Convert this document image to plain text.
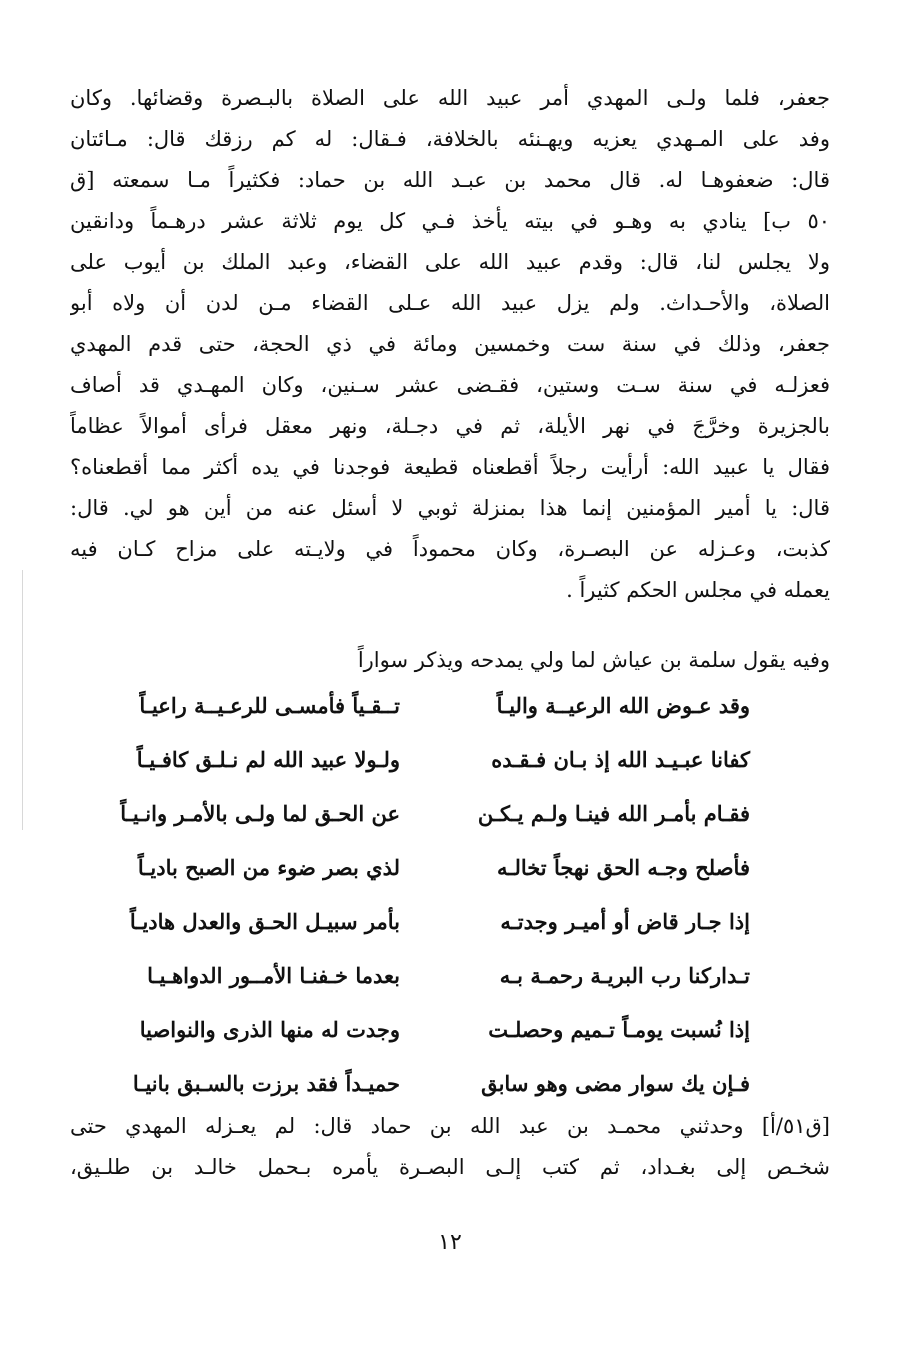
جعفر، فلما ولـى المهدي أمر عبيد الله على الصلاة بالبـصرة وقضائها. وكان
وفد على المـهدي يعزيه ويهـنئه بالخلافة، فـقال: له كم رزقك قال: مـائتان
قال: ضعفوهـا له. قال محمد بن عبـد الله بن حماد: فكثيراً مـا سمعته [ق
٥٠ ب] ينادي به وهـو في بيته يأخذ فـي كل يوم ثلاثة عشر درهـماً ودانقين
ولا يجلس لنا، قال: وقدم عبيد الله على القضاء، وعبد الملك بن أيوب على
الصلاة، والأحـداث. ولم يزل عبيد الله عـلى القضاء مـن لدن أن ولاه أبو
جعفر، وذلك في سنة ست وخمسين ومائة في ذي الحجة، حتى قدم المهدي
فعزلـه في سنة سـت وستين، فقـضى عشر سـنين، وكان المهـدي قد أصاف
بالجزيرة وخرَّجَ في نهر الأيلة، ثم في دجـلة، ونهر معقل فرأى أموالاً عظاماً
فقال يا عبيد الله: أرأيت رجلاً أقطعناه قطيعة فوجدنا في يده أكثر مما أقطعناه؟
قال: يا أمير المؤمنين إنما هذا بمنزلة ثوبي لا أسئل عنه من أين هو لي. قال:
كذبت، وعـزله عن البصـرة، وكان محموداً في ولايـته على مزاح كـان فيه
يعمله في مجلس الحكم كثيراً .
وفيه يقول سلمة بن عياش لما ولي يمدحه ويذكر سواراً
وقد عـوض الله الرعيــة واليـاً
تــقـياً فأمسـى للرعـيــة راعيـاً
كفانا عبـيـد الله إذ بـان فـقـده
ولـولا عبيد الله لم نـلـق كافـيـاً
فقـام بأمـر الله فينـا ولـم يـكـن
عن الحـق لما ولـى بالأمـر وانـيـاً
فأصلح وجـه الحق نهجاً تخالـه
لذي بصر ضوء من الصبح باديـاً
إذا جـار قاض أو أميـر وجدتـه
بأمر سبيـل الحـق والعدل هاديـاً
تـداركنا رب البريـة رحمـة بـه
بعدما خـفنـا الأمــور الدواهـيـا
إذا نُسبت يومـاً تـميم وحصلـت
وجدت له منها الذرى والنواصيا
فـإن يك سوار مضى وهو سابق
حميـداً فقد برزت بالسـبق بانيـا
[ق٥١/أ] وحدثني محمـد بن عبد الله بن حماد قال: لم يعـزله المهدي حتى
شخـص إلى بغـداد، ثم كتب إلـى البصـرة يأمره بـحمل خالـد بن طلـيق،
١٢
